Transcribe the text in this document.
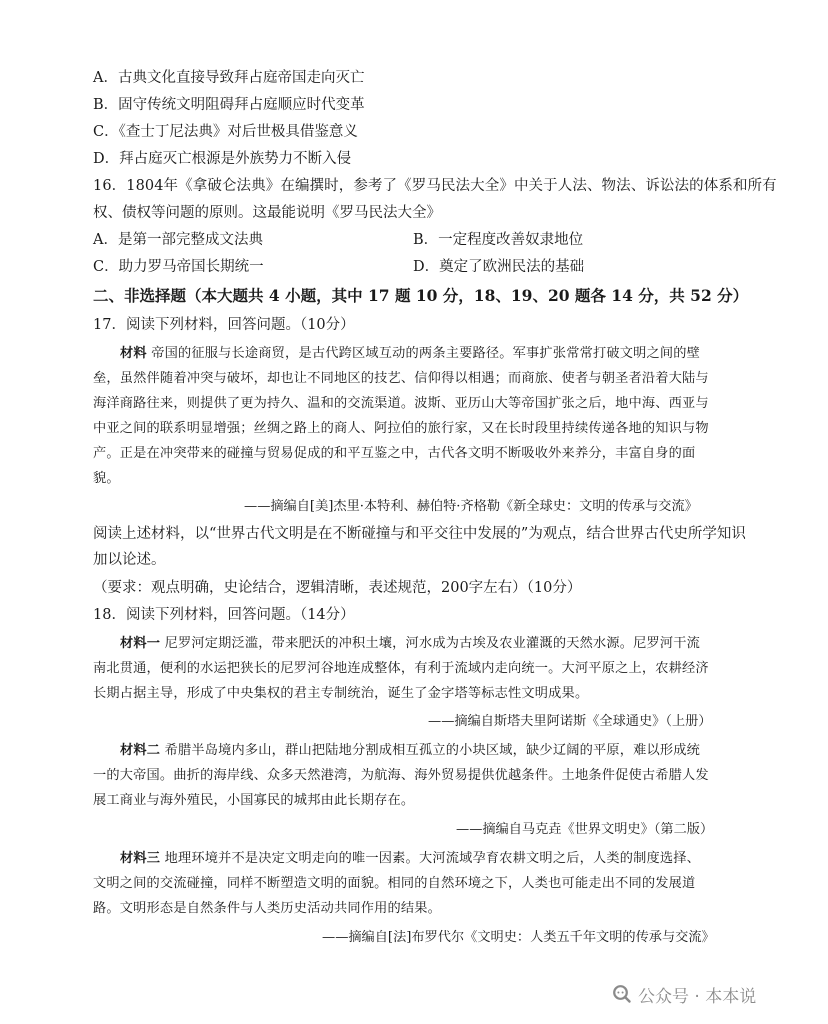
A．古典文化直接导致拜占庭帝国走向灭亡
B．固守传统文明阻碍拜占庭顺应时代变革
C．《查士丁尼法典》对后世极具借鉴意义
D．拜占庭灭亡根源是外族势力不断入侵
16．1804年《拿破仑法典》在编撰时，参考了《罗马民法大全》中关于人法、物法、诉讼法的体系和所有
权、债权等问题的原则。这最能说明《罗马民法大全》
A．是第一部完整成文法典	B．一定程度改善奴隶地位
C．助力罗马帝国长期统一	D．奠定了欧洲民法的基础
二、非选择题（本大题共 4 小题，其中 17 题 10 分，18、19、20 题各 14 分，共 52 分）
17．阅读下列材料，回答问题。（10分）
材料 帝国的征服与长途商贸，是古代跨区域互动的两条主要路径。军事扩张常常打破文明之间的壁
垒，虽然伴随着冲突与破坏，却也让不同地区的技艺、信仰得以相遇；而商旅、使者与朝圣者沿着大陆与
海洋商路往来，则提供了更为持久、温和的交流渠道。波斯、亚历山大等帝国扩张之后，地中海、西亚与
中亚之间的联系明显增强；丝绸之路上的商人、阿拉伯的旅行家，又在长时段里持续传递各地的知识与物
产。正是在冲突带来的碰撞与贸易促成的和平互鉴之中，古代各文明不断吸收外来养分，丰富自身的面
貌。
——摘编自[美]杰里·本特利、赫伯特·齐格勒《新全球史：文明的传承与交流》
阅读上述材料，以“世界古代文明是在不断碰撞与和平交往中发展的”为观点，结合世界古代史所学知识
加以论述。
（要求：观点明确，史论结合，逻辑清晰，表述规范，200字左右）（10分）
18．阅读下列材料，回答问题。（14分）
材料一 尼罗河定期泛滥，带来肥沃的冲积土壤，河水成为古埃及农业灌溉的天然水源。尼罗河干流
南北贯通，便利的水运把狭长的尼罗河谷地连成整体，有利于流域内走向统一。大河平原之上，农耕经济
长期占据主导，形成了中央集权的君主专制统治，诞生了金字塔等标志性文明成果。
——摘编自斯塔夫里阿诺斯《全球通史》（上册）
材料二 希腊半岛境内多山，群山把陆地分割成相互孤立的小块区域，缺少辽阔的平原，难以形成统
一的大帝国。曲折的海岸线、众多天然港湾，为航海、海外贸易提供优越条件。土地条件促使古希腊人发
展工商业与海外殖民，小国寡民的城邦由此长期存在。
——摘编自马克垚《世界文明史》（第二版）
材料三 地理环境并不是决定文明走向的唯一因素。大河流域孕育农耕文明之后，人类的制度选择、
文明之间的交流碰撞，同样不断塑造文明的面貌。相同的自然环境之下，人类也可能走出不同的发展道
路。文明形态是自然条件与人类历史活动共同作用的结果。
——摘编自[法]布罗代尔《文明史：人类五千年文明的传承与交流》
公众号 · 本本说
